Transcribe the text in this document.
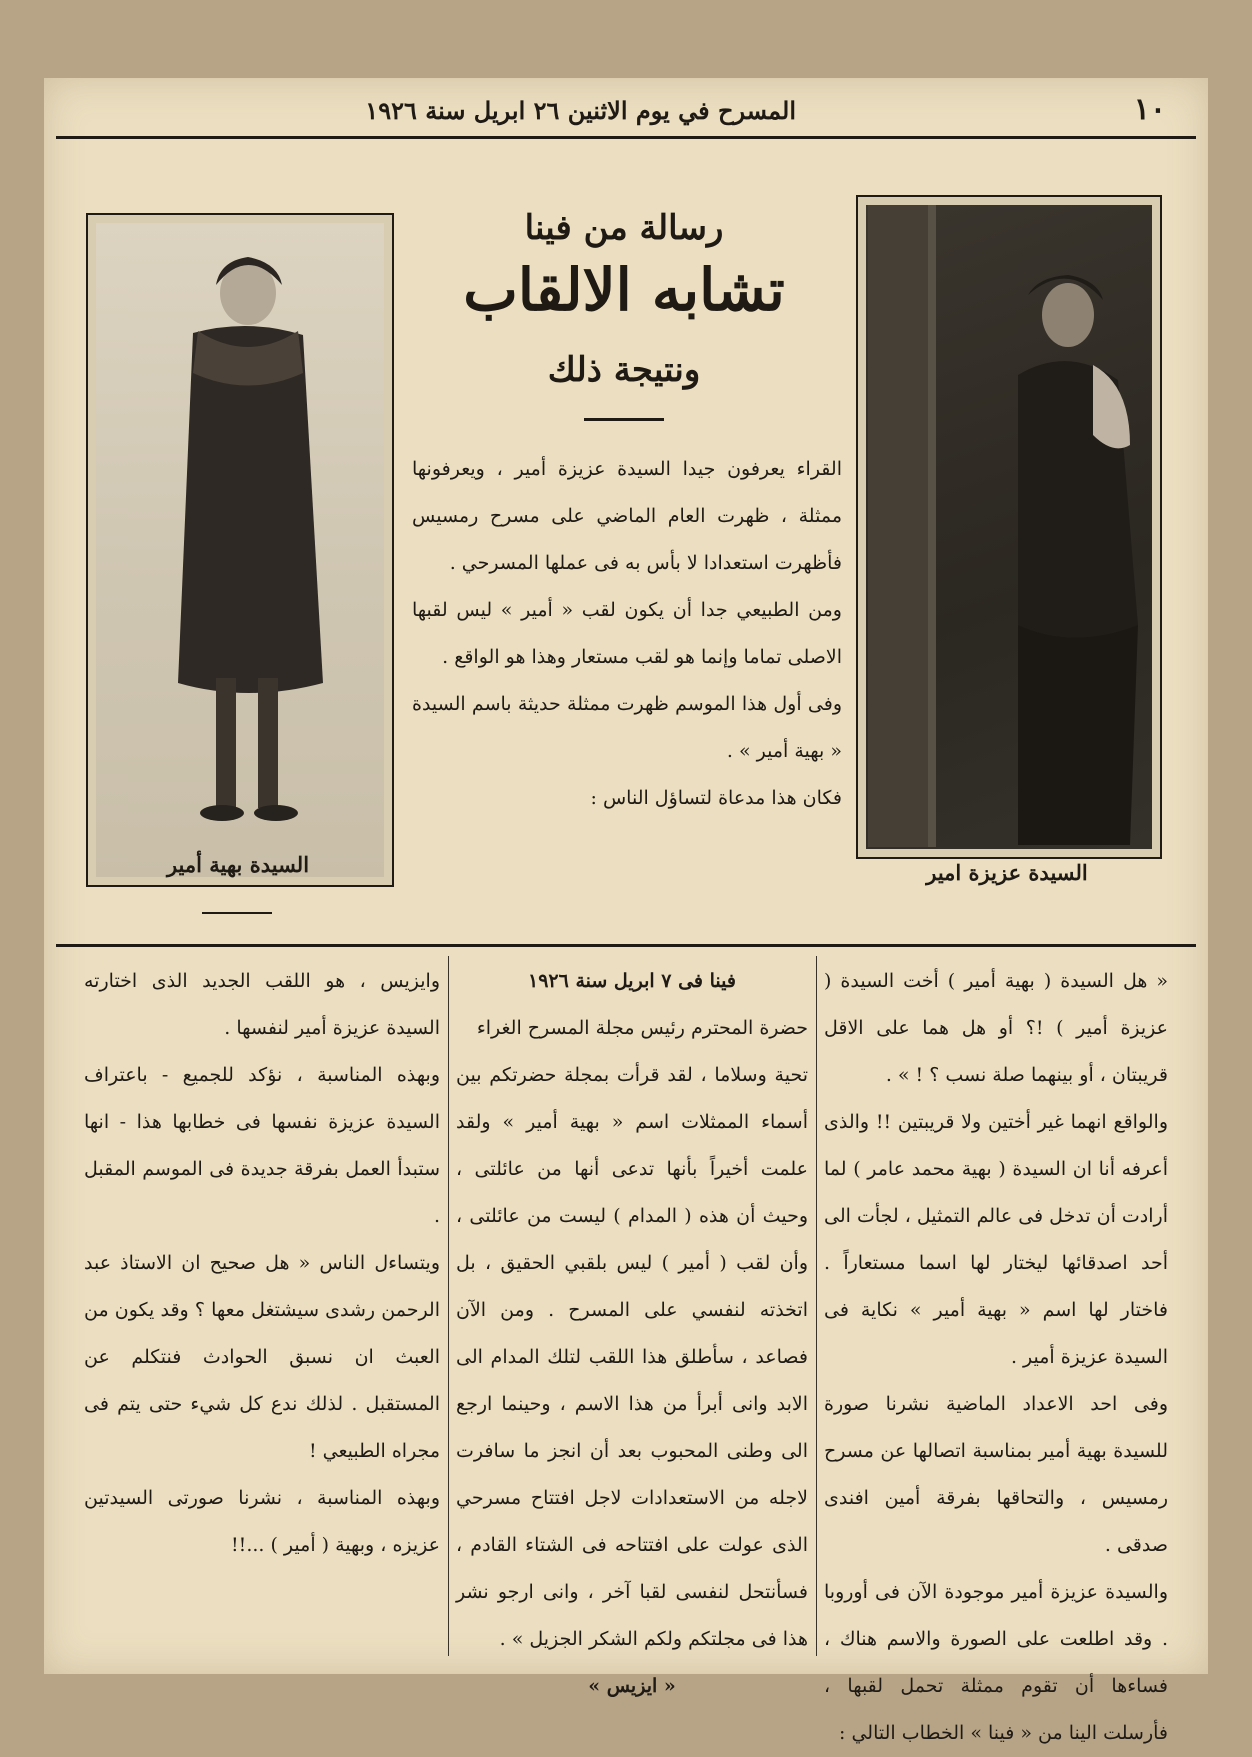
١٠
المسرح في يوم الاثنين ٢٦ ابريل سنة ١٩٢٦
السيدة عزيزة امير
السيدة بهية أمير
رسالة من فينا
تشابه الالقاب
ونتيجة ذلك

القراء يعرفون جيدا السيدة عزيزة أمير ، ويعرفونها ممثلة ، ظهرت العام الماضي على مسرح رمسيس فأظهرت استعدادا لا بأس به فى عملها المسرحي .

ومن الطبيعي جدا أن يكون لقب « أمير » ليس لقبها الاصلى تماما وإنما هو لقب مستعار وهذا هو الواقع .

وفى أول هذا الموسم ظهرت ممثلة حديثة باسم السيدة « بهية أمير » .

فكان هذا مدعاة لتساؤل الناس :

« هل السيدة ( بهية أمير ) أخت السيدة ( عزيزة أمير ) !؟ أو هل هما على الاقل قريبتان ، أو بينهما صلة نسب ؟ ! » .

والواقع انهما غير أختين ولا قريبتين !! والذى أعرفه أنا ان السيدة ( بهية محمد عامر ) لما أرادت أن تدخل فى عالم التمثيل ، لجأت الى أحد اصدقائها ليختار لها اسما مستعاراً . فاختار لها اسم « بهية أمير » نكاية فى السيدة عزيزة أمير .

وفى احد الاعداد الماضية نشرنا صورة للسيدة بهية أمير بمناسبة اتصالها عن مسرح رمسيس ، والتحاقها بفرقة أمين افندى صدقى .

والسيدة عزيزة أمير موجودة الآن فى أوروبا . وقد اطلعت على الصورة والاسم هناك ، فساءها أن تقوم ممثلة تحمل لقبها ، فأرسلت الينا من « فينا » الخطاب التالي :

فينا فى ٧ ابريل سنة ١٩٢٦

حضرة المحترم رئيس مجلة المسرح الغراء

تحية وسلاما ، لقد قرأت بمجلة حضرتكم بين أسماء الممثلات اسم « بهية أمير » ولقد علمت أخيراً بأنها تدعى أنها من عائلتى ، وحيث أن هذه ( المدام ) ليست من عائلتى ، وأن لقب ( أمير ) ليس بلقبي الحقيق ، بل اتخذته لنفسي على المسرح . ومن الآن فصاعد ، سأطلق هذا اللقب لتلك المدام الى الابد وانى أبرأ من هذا الاسم ، وحينما ارجع الى وطنى المحبوب بعد أن انجز ما سافرت لاجله من الاستعدادات لاجل افتتاح مسرحي الذى عولت على افتتاحه فى الشتاء القادم ، فسأنتحل لنفسى لقبا آخر ، وانى ارجو نشر هذا فى مجلتكم ولكم الشكر الجزيل » .

« ايزيس »

وايزيس ، هو اللقب الجديد الذى اختارته السيدة عزيزة أمير لنفسها .

وبهذه المناسبة ، نؤكد للجميع - باعتراف السيدة عزيزة نفسها فى خطابها هذا - انها ستبدأ العمل بفرقة جديدة فى الموسم المقبل .

ويتساءل الناس « هل صحيح ان الاستاذ عبد الرحمن رشدى سيشتغل معها ؟ وقد يكون من العبث ان نسبق الحوادث فنتكلم عن المستقبل . لذلك ندع كل شيء حتى يتم فى مجراه الطبيعي !

وبهذه المناسبة ، نشرنا صورتى السيدتين عزيزه ، وبهية ( أمير ) ...!!
